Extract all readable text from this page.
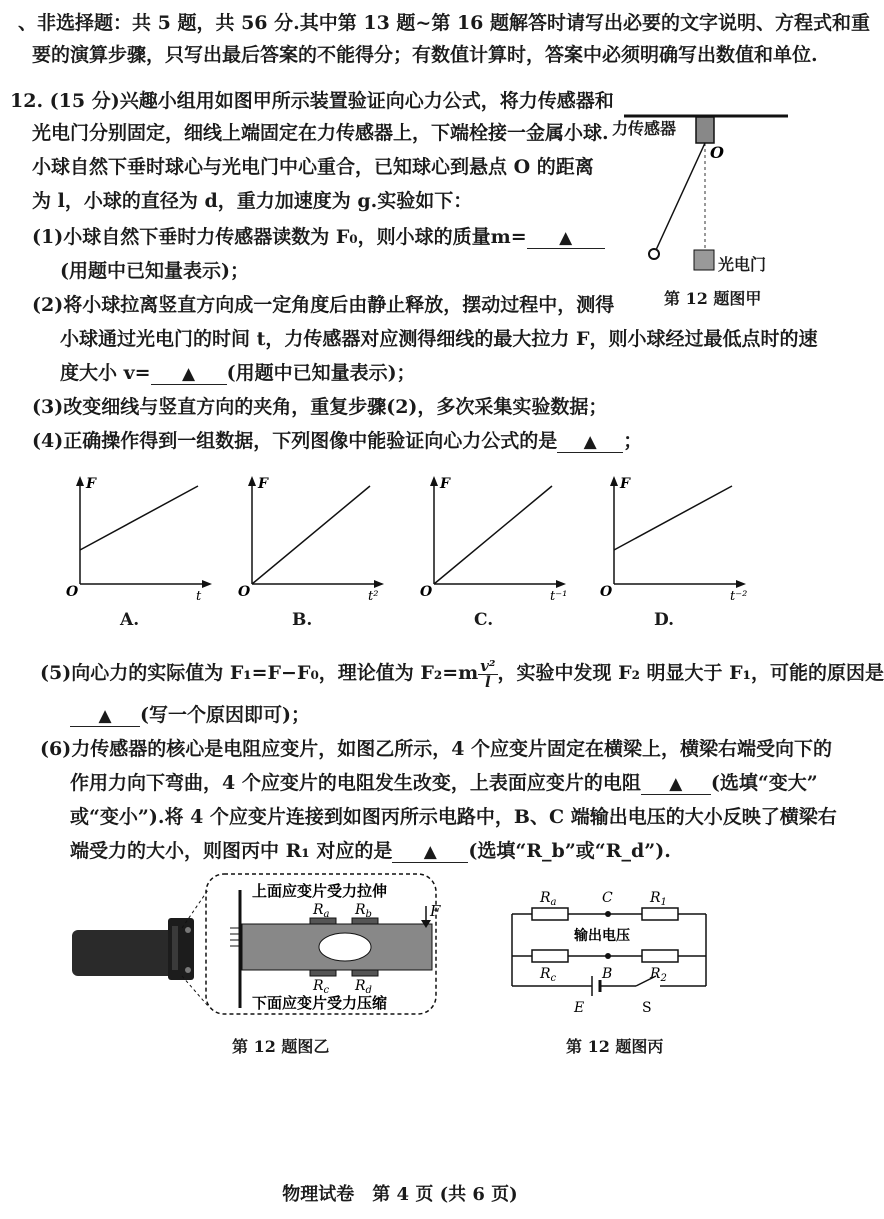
、非选择题：共 5 题，共 56 分.其中第 13 题~第 16 题解答时请写出必要的文字说明、方程式和重
要的演算步骤，只写出最后答案的不能得分；有数值计算时，答案中必须明确写出数值和单位.
12. (15 分)兴趣小组用如图甲所示装置验证向心力公式，将力传感器和
光电门分别固定，细线上端固定在力传感器上，下端栓接一金属小球.
小球自然下垂时球心与光电门中心重合，已知球心到悬点 O 的距离
为 l，小球的直径为 d，重力加速度为 g.实验如下：
(1)小球自然下垂时力传感器读数为 F₀，则小球的质量m= ▲
(用题中已知量表示)；
(2)将小球拉离竖直方向成一定角度后由静止释放，摆动过程中，测得
小球通过光电门的时间 t，力传感器对应测得细线的最大拉力 F，则小球经过最低点时的速
度大小 v= ▲ (用题中已知量表示)；
(3)改变细线与竖直方向的夹角，重复步骤(2)，多次采集实验数据；
(4)正确操作得到一组数据，下列图像中能验证向心力公式的是 ▲ ；
O
力传感器
光电门
第 12 题图甲
F
O	t
A.
F
O	t²
B.
F
O	t⁻¹
C.
F
O	t⁻²
D.
(5)向心力的实际值为 F₁=F−F₀，理论值为 $F_2=m \frac{\text{v²}}{l}$ ，实验中发现 F₂ 明显大于 F₁，可能的原因是
▲ (写一个原因即可)；
(6)力传感器的核心是电阻应变片，如图乙所示，4 个应变片固定在横梁上，横梁右端受向下的
作用力向下弯曲，4 个应变片的电阻发生改变，上表面应变片的电阻 ▲ (选填“变大”
或“变小”).将 4 个应变片连接到如图丙所示电路中，B、C 端输出电压的大小反映了横梁右
端受力的大小，则图丙中 R₁ 对应的是 ▲ (选填“R_b”或“R_d”).
F
$R_a$ $R_b$
$R_c$ $R_d$
上面应变片受力拉伸
下面应变片受力压缩
第 12 题图乙
$R_a$	$R_1$
C
输出电压
$R_c$	$R_2$
B
E	S
第 12 题图丙
物理试卷　第 4 页 (共 6 页)
